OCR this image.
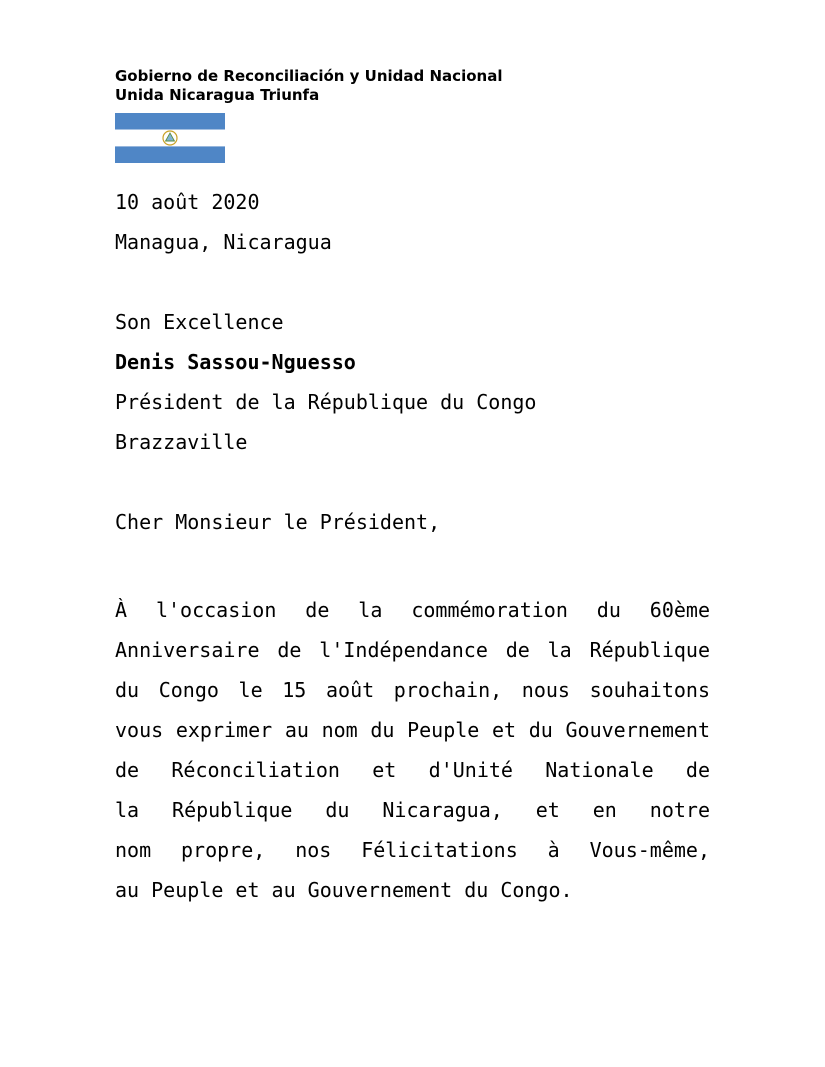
Gobierno de Reconciliación y Unidad Nacional
Unida Nicaragua Triunfa
10 août 2020
Managua, Nicaragua
Son Excellence
Denis Sassou-Nguesso
Président de la République du Congo
Brazzaville
Cher Monsieur le Président,
À l'occasion de la commémoration du 60ème
Anniversaire de l'Indépendance de la République
du Congo le 15 août prochain, nous souhaitons
vous exprimer au nom du Peuple et du Gouvernement
de Réconciliation et d'Unité Nationale de
la République du Nicaragua, et en notre
nom propre, nos Félicitations à Vous-même,
au Peuple et au Gouvernement du Congo.
